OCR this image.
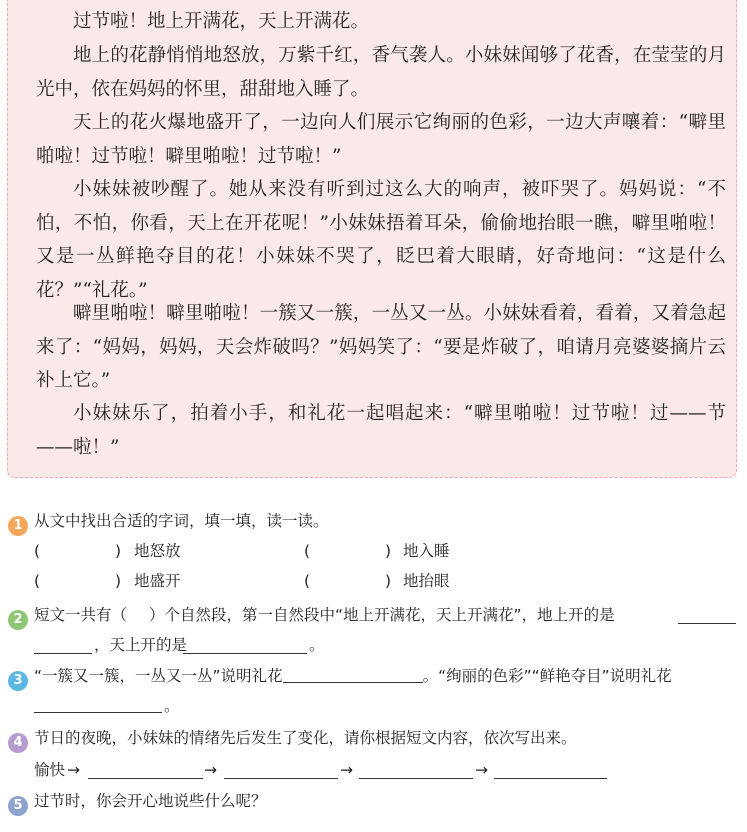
过节啦！地上开满花，天上开满花。

地上的花静悄悄地怒放，万紫千红，香气袭人。小妹妹闻够了花香，在莹莹的月光中，依在妈妈的怀里，甜甜地入睡了。

天上的花火爆地盛开了，一边向人们展示它绚丽的色彩，一边大声嚷着：“噼里啪啦！过节啦！噼里啪啦！过节啦！”

小妹妹被吵醒了。她从来没有听到过这么大的响声，被吓哭了。妈妈说：“不怕，不怕，你看，天上在开花呢！”小妹妹捂着耳朵，偷偷地抬眼一瞧，噼里啪啦！又是一丛鲜艳夺目的花！小妹妹不哭了，眨巴着大眼睛，好奇地问：“这是什么花？”“礼花。”

噼里啪啦！噼里啪啦！一簇又一簇，一丛又一丛。小妹妹看着，看着，又着急起来了：“妈妈，妈妈，天会炸破吗？”妈妈笑了：“要是炸破了，咱请月亮婆婆摘片云补上它。”

小妹妹乐了，拍着小手，和礼花一起唱起来：“噼里啪啦！过节啦！过——节——啦！”

1 从文中找出合适的字词，填一填，读一读。
(	) 地怒放	(	) 地入睡
(	) 地盛开	(	) 地抬眼
2 短文一共有（ ）个自然段，第一自然段中“地上开满花，天上开满花”，地上开的是
，天上开的是	。
3 “一簇又一簇，一丛又一丛”说明礼花	。“绚丽的色彩”“鲜艳夺目”说明礼花
。
4 节日的夜晚，小妹妹的情绪先后发生了变化，请你根据短文内容，依次写出来。
愉快 →	→	→	→
5 过节时，你会开心地说些什么呢？
